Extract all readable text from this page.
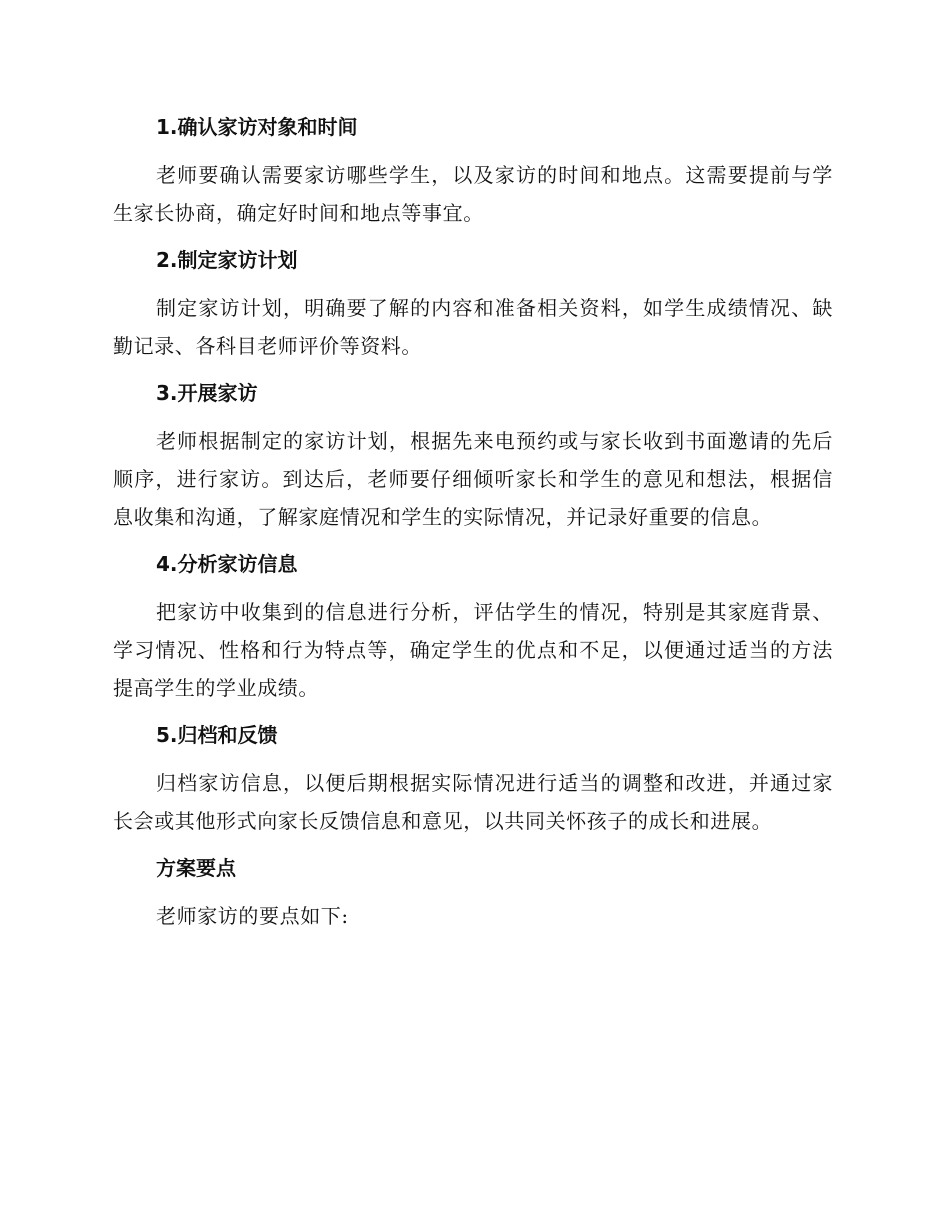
1.确认家访对象和时间

老师要确认需要家访哪些学生，以及家访的时间和地点。这需要提前与学生家长协商，确定好时间和地点等事宜。

2.制定家访计划

制定家访计划，明确要了解的内容和准备相关资料，如学生成绩情况、缺勤记录、各科目老师评价等资料。

3.开展家访

老师根据制定的家访计划，根据先来电预约或与家长收到书面邀请的先后顺序，进行家访。到达后，老师要仔细倾听家长和学生的意见和想法，根据信息收集和沟通，了解家庭情况和学生的实际情况，并记录好重要的信息。

4.分析家访信息

把家访中收集到的信息进行分析，评估学生的情况，特别是其家庭背景、学习情况、性格和行为特点等，确定学生的优点和不足，以便通过适当的方法提高学生的学业成绩。

5.归档和反馈

归档家访信息，以便后期根据实际情况进行适当的调整和改进，并通过家长会或其他形式向家长反馈信息和意见，以共同关怀孩子的成长和进展。

方案要点

老师家访的要点如下:
